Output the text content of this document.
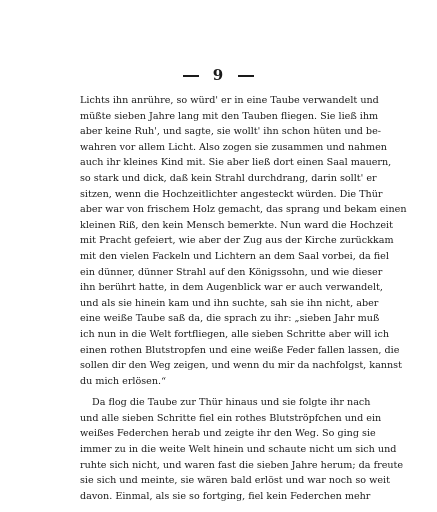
9
Lichts ihn anrühre, so würd' er in eine Taube verwandelt und
müßte sieben Jahre lang mit den Tauben fliegen. Sie ließ ihm
aber keine Ruh', und sagte, sie wollt' ihn schon hüten und be-
wahren vor allem Licht. Also zogen sie zusammen und nahmen
auch ihr kleines Kind mit. Sie aber ließ dort einen Saal mauern,
so stark und dick, daß kein Strahl durchdrang, darin sollt' er
sitzen, wenn die Hochzeitlichter angesteckt würden. Die Thür
aber war von frischem Holz gemacht, das sprang und bekam einen
kleinen Riß, den kein Mensch bemerkte. Nun ward die Hochzeit
mit Pracht gefeiert, wie aber der Zug aus der Kirche zurückkam
mit den vielen Fackeln und Lichtern an dem Saal vorbei, da fiel
ein dünner, dünner Strahl auf den Königssohn, und wie dieser
ihn berührt hatte, in dem Augenblick war er auch verwandelt,
und als sie hinein kam und ihn suchte, sah sie ihn nicht, aber
eine weiße Taube saß da, die sprach zu ihr: „sieben Jahr muß
ich nun in die Welt fortfliegen, alle sieben Schritte aber will ich
einen rothen Blutstropfen und eine weiße Feder fallen lassen, die
sollen dir den Weg zeigen, und wenn du mir da nachfolgst, kannst
du mich erlösen.“
Da flog die Taube zur Thür hinaus und sie folgte ihr nach
und alle sieben Schritte fiel ein rothes Blutströpfchen und ein
weißes Federchen herab und zeigte ihr den Weg. So ging sie
immer zu in die weite Welt hinein und schaute nicht um sich und
ruhte sich nicht, und waren fast die sieben Jahre herum; da freute
sie sich und meinte, sie wären bald erlöst und war noch so weit
davon. Einmal, als sie so fortging, fiel kein Federchen mehr
